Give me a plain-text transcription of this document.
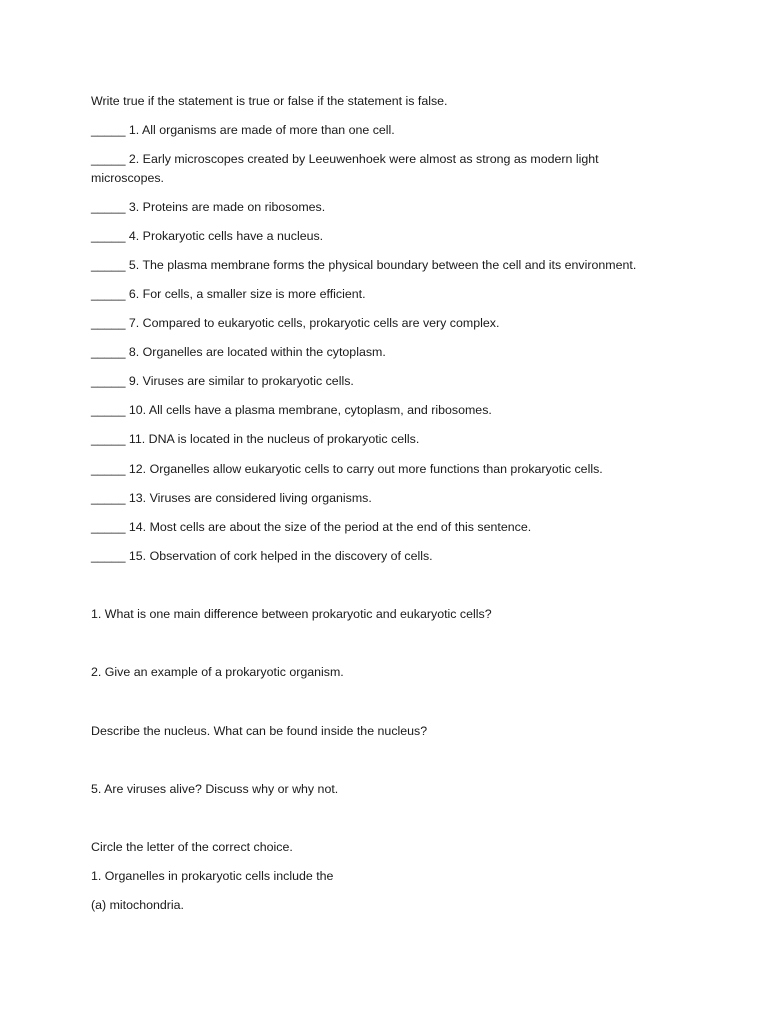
Write true if the statement is true or false if the statement is false.
_____ 1. All organisms are made of more than one cell.
_____ 2. Early microscopes created by Leeuwenhoek were almost as strong as modern light microscopes.
_____ 3. Proteins are made on ribosomes.
_____ 4. Prokaryotic cells have a nucleus.
_____ 5. The plasma membrane forms the physical boundary between the cell and its environment.
_____ 6. For cells, a smaller size is more efficient.
_____ 7. Compared to eukaryotic cells, prokaryotic cells are very complex.
_____ 8. Organelles are located within the cytoplasm.
_____ 9. Viruses are similar to prokaryotic cells.
_____ 10. All cells have a plasma membrane, cytoplasm, and ribosomes.
_____ 11. DNA is located in the nucleus of prokaryotic cells.
_____ 12. Organelles allow eukaryotic cells to carry out more functions than prokaryotic cells.
_____ 13. Viruses are considered living organisms.
_____ 14. Most cells are about the size of the period at the end of this sentence.
_____ 15. Observation of cork helped in the discovery of cells.
1. What is one main difference between prokaryotic and eukaryotic cells?
2. Give an example of a prokaryotic organism.
Describe the nucleus. What can be found inside the nucleus?
5. Are viruses alive? Discuss why or why not.
Circle the letter of the correct choice.
1. Organelles in prokaryotic cells include the
(a) mitochondria.
